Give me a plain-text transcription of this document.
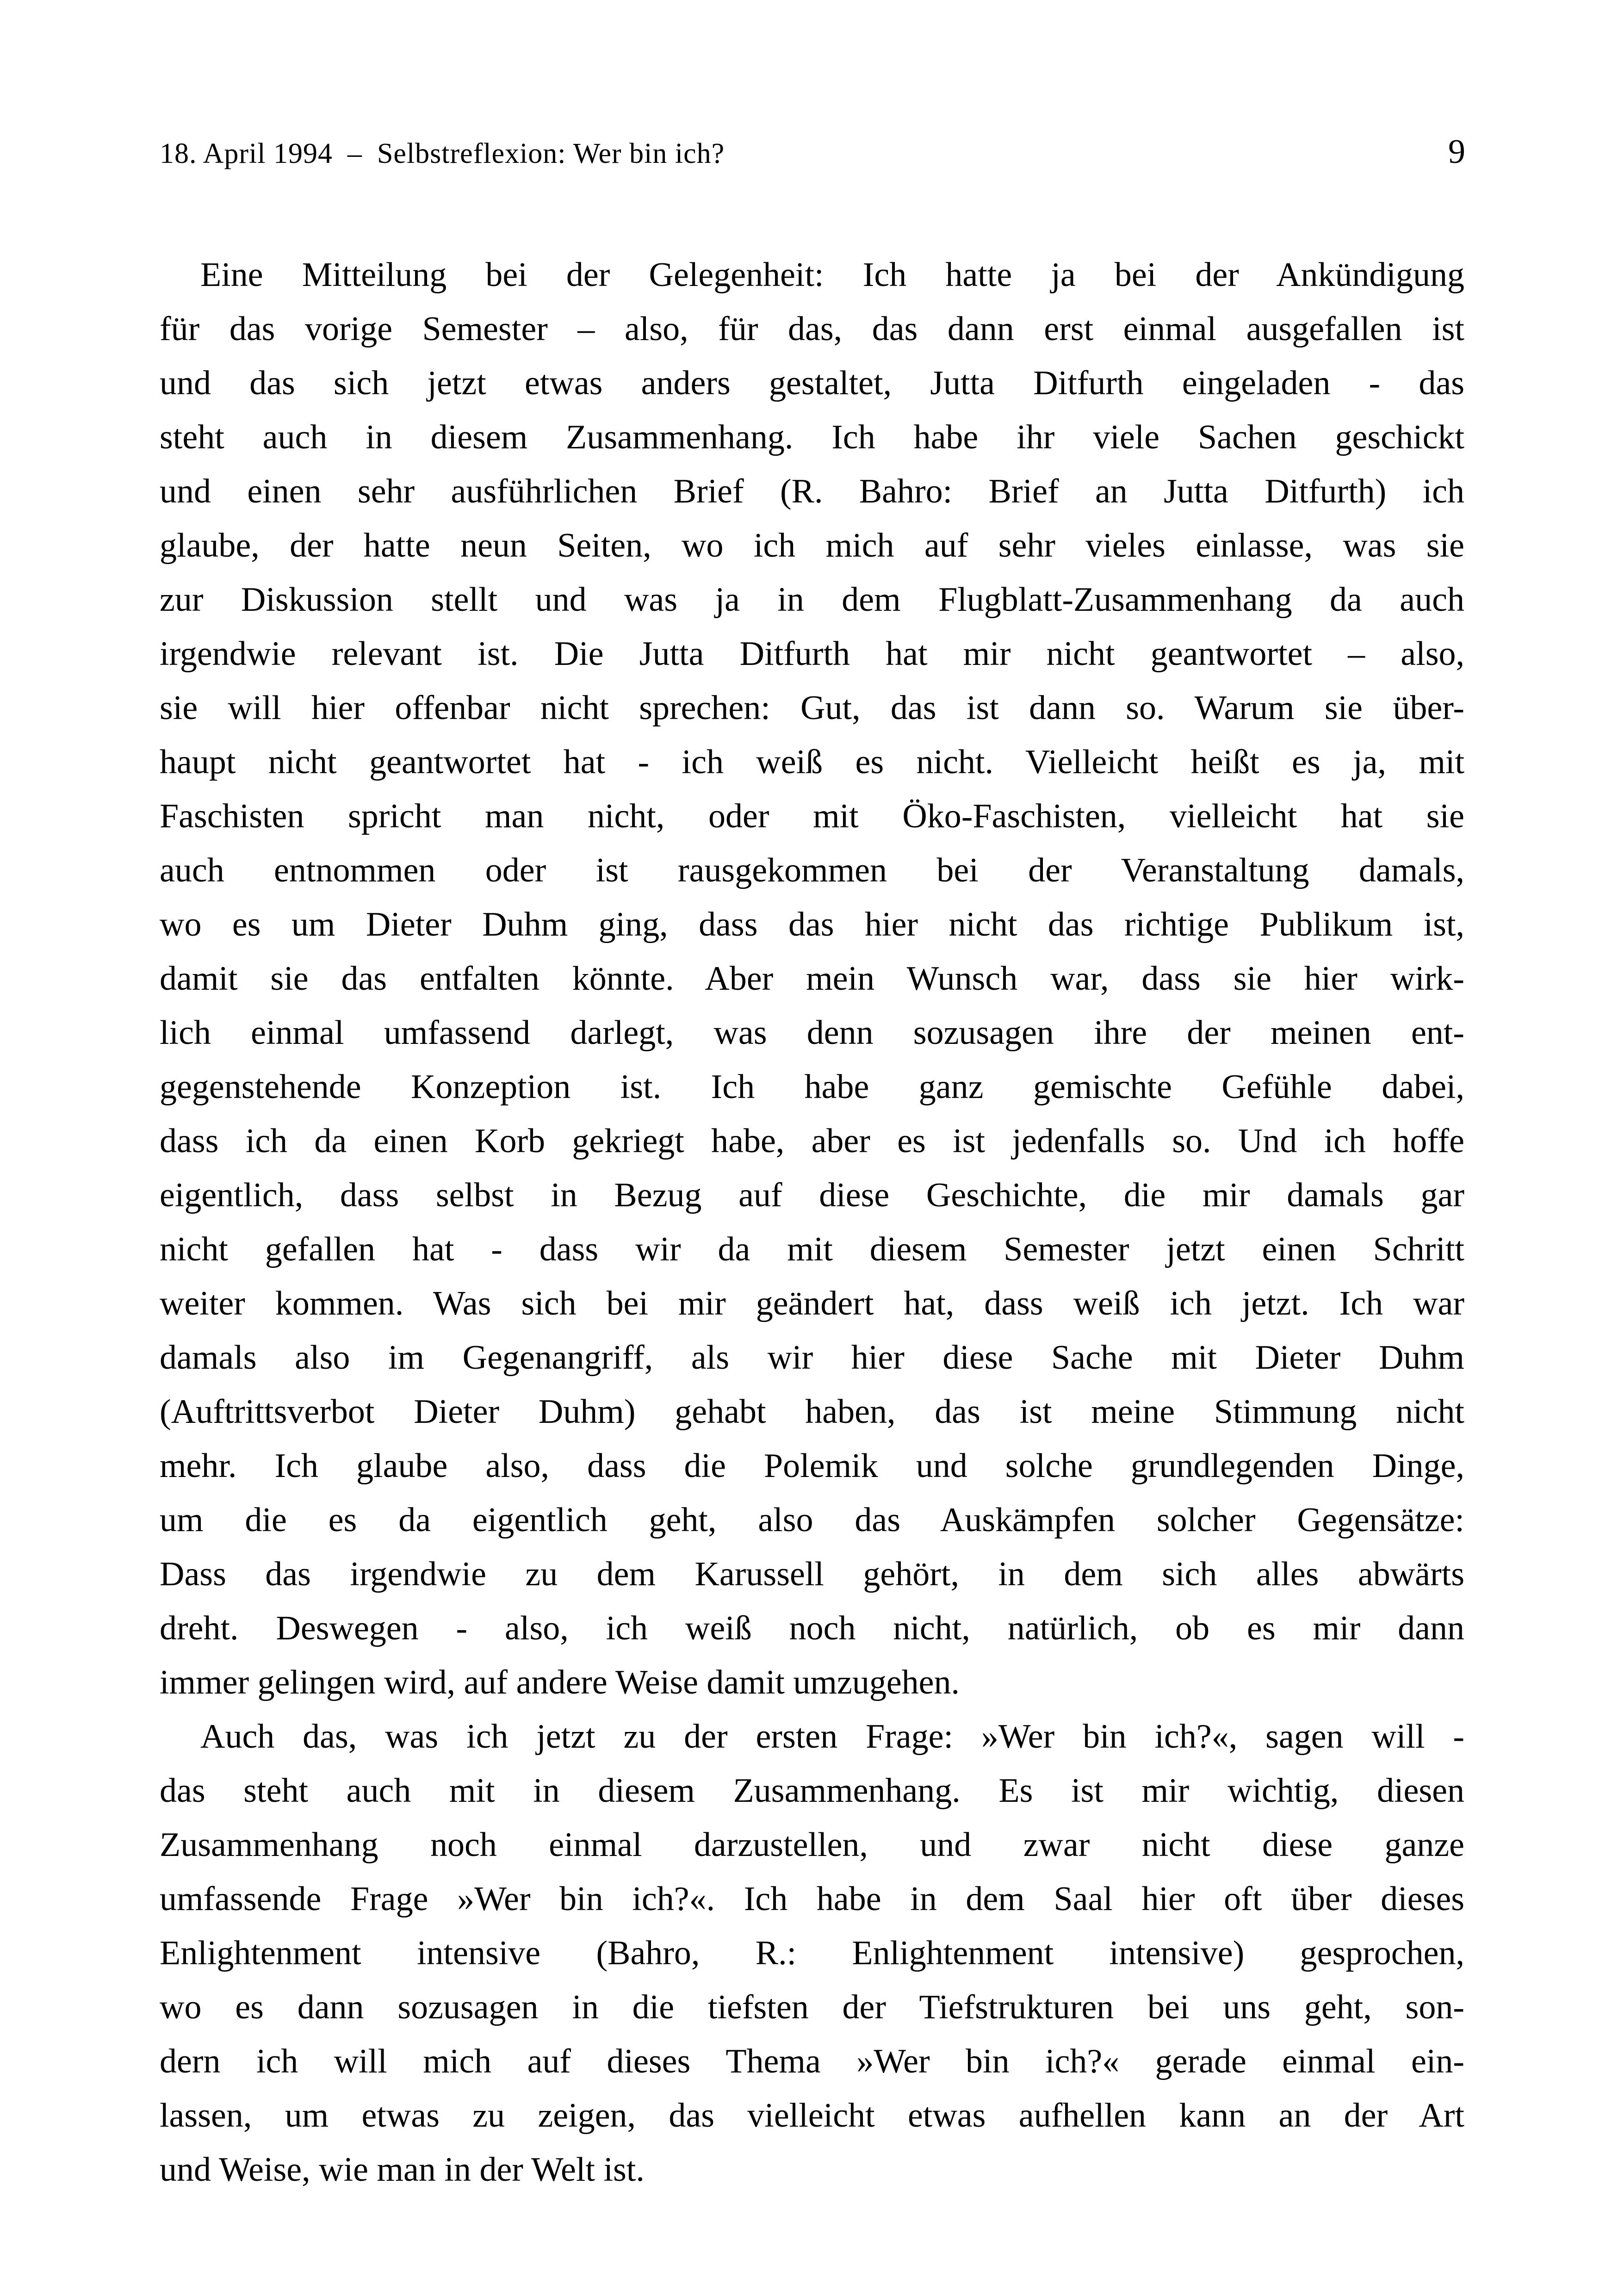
18. April 1994 – Selbstreflexion: Wer bin ich?	9
Eine Mitteilung bei der Gelegenheit: Ich hatte ja bei der Ankündigung
für das vorige Semester – also, für das, das dann erst einmal ausgefallen ist
und das sich jetzt etwas anders gestaltet, Jutta Ditfurth eingeladen - das
steht auch in diesem Zusammenhang. Ich habe ihr viele Sachen geschickt
und einen sehr ausführlichen Brief (R. Bahro: Brief an Jutta Ditfurth) ich
glaube, der hatte neun Seiten, wo ich mich auf sehr vieles einlasse, was sie
zur Diskussion stellt und was ja in dem Flugblatt-Zusammenhang da auch
irgendwie relevant ist. Die Jutta Ditfurth hat mir nicht geantwortet – also,
sie will hier offenbar nicht sprechen: Gut, das ist dann so. Warum sie über-
haupt nicht geantwortet hat - ich weiß es nicht. Vielleicht heißt es ja, mit
Faschisten spricht man nicht, oder mit Öko-Faschisten, vielleicht hat sie
auch entnommen oder ist rausgekommen bei der Veranstaltung damals,
wo es um Dieter Duhm ging, dass das hier nicht das richtige Publikum ist,
damit sie das entfalten könnte. Aber mein Wunsch war, dass sie hier wirk-
lich einmal umfassend darlegt, was denn sozusagen ihre der meinen ent-
gegenstehende Konzeption ist. Ich habe ganz gemischte Gefühle dabei,
dass ich da einen Korb gekriegt habe, aber es ist jedenfalls so. Und ich hoffe
eigentlich, dass selbst in Bezug auf diese Geschichte, die mir damals gar
nicht gefallen hat - dass wir da mit diesem Semester jetzt einen Schritt
weiter kommen. Was sich bei mir geändert hat, dass weiß ich jetzt. Ich war
damals also im Gegenangriff, als wir hier diese Sache mit Dieter Duhm
(Auftrittsverbot Dieter Duhm) gehabt haben, das ist meine Stimmung nicht
mehr. Ich glaube also, dass die Polemik und solche grundlegenden Dinge,
um die es da eigentlich geht, also das Auskämpfen solcher Gegensätze:
Dass das irgendwie zu dem Karussell gehört, in dem sich alles abwärts
dreht. Deswegen - also, ich weiß noch nicht, natürlich, ob es mir dann
immer gelingen wird, auf andere Weise damit umzugehen.
Auch das, was ich jetzt zu der ersten Frage: »Wer bin ich?«, sagen will -
das steht auch mit in diesem Zusammenhang. Es ist mir wichtig, diesen
Zusammenhang noch einmal darzustellen, und zwar nicht diese ganze
umfassende Frage »Wer bin ich?«. Ich habe in dem Saal hier oft über dieses
Enlightenment intensive (Bahro, R.: Enlightenment intensive) gesprochen,
wo es dann sozusagen in die tiefsten der Tiefstrukturen bei uns geht, son-
dern ich will mich auf dieses Thema »Wer bin ich?« gerade einmal ein-
lassen, um etwas zu zeigen, das vielleicht etwas aufhellen kann an der Art
und Weise, wie man in der Welt ist.
